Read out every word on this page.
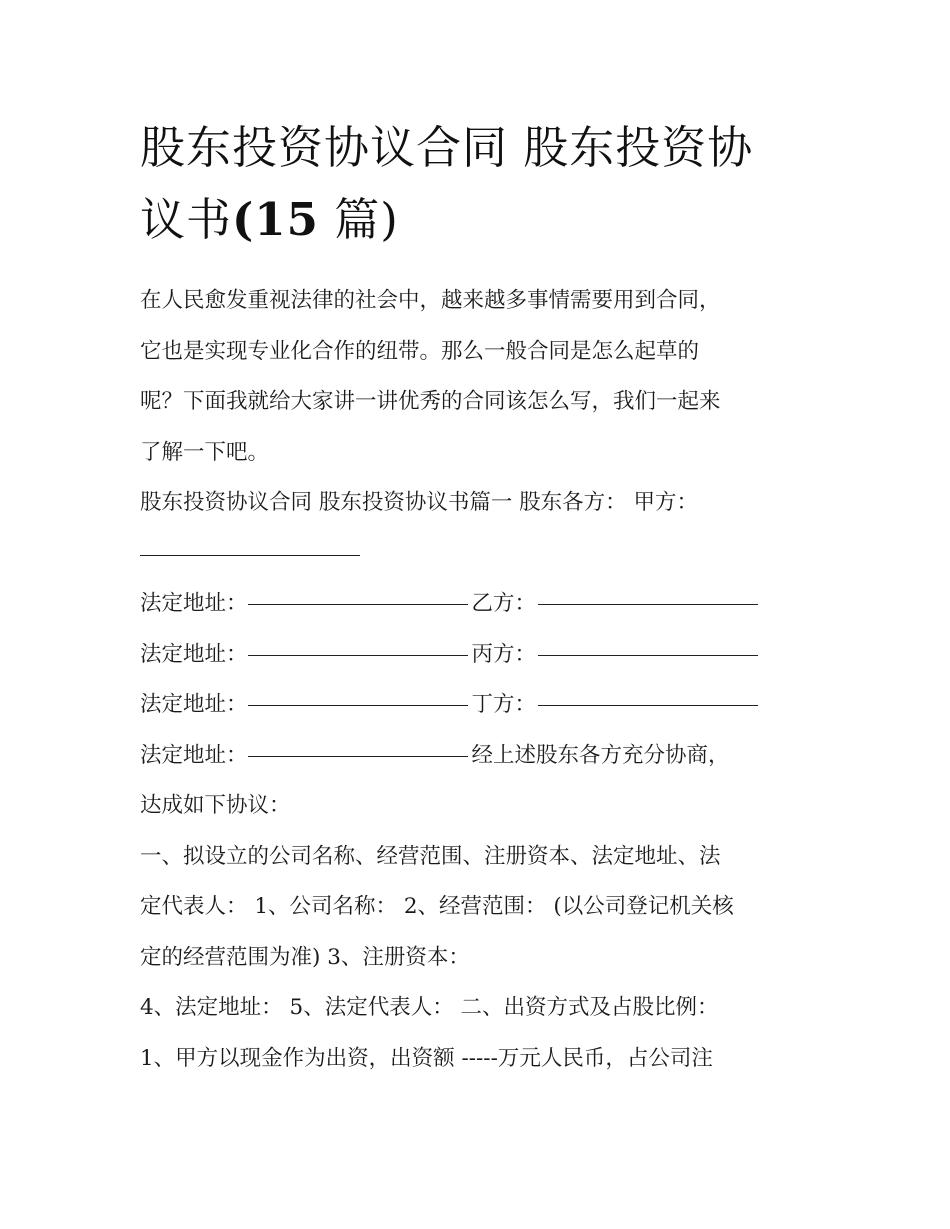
股东投资协议合同 股东投资协
议书(15 篇)
在人民愈发重视法律的社会中，越来越多事情需要用到合同，
它也是实现专业化合作的纽带。那么一般合同是怎么起草的
呢？下面我就给大家讲一讲优秀的合同该怎么写，我们一起来
了解一下吧。
股东投资协议合同 股东投资协议书篇一 股东各方： 甲方：
法定地址：	乙方：
法定地址：	丙方：
法定地址：	丁方：
法定地址：	经上述股东各方充分协商，
达成如下协议：
一、拟设立的公司名称、经营范围、注册资本、法定地址、法
定代表人： 1、公司名称： 2、经营范围： (以公司登记机关核
定的经营范围为准) 3、注册资本：
4、法定地址： 5、法定代表人： 二、出资方式及占股比例：
1、甲方以现金作为出资，出资额 -----万元人民币，占公司注
